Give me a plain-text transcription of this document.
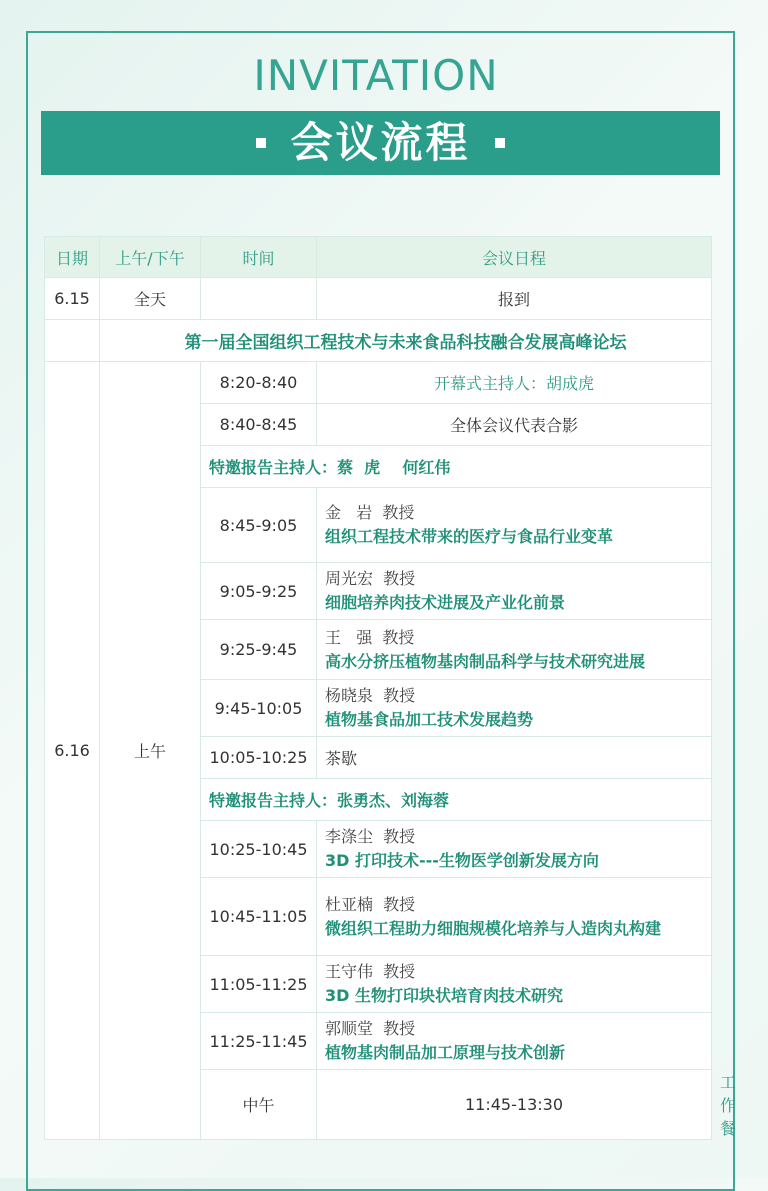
INVITATION
会议流程
日期	上午/下午	时间	会议日程	
6.15	全天		报到	
	第一届全国组织工程技术与未来食品科技融合发展高峰论坛			
6.16	上午	8:20-8:40	开幕式主持人：胡成虎	
		8:40-8:45	全体会议代表合影	
		特邀报告主持人：蔡  虎    何红伟		
		8:45-9:05	金   岩  教授
组织工程技术带来的医疗与食品行业变革	

		9:05-9:25	周光宏  教授
细胞培养肉技术进展及产业化前景	

		9:25-9:45	王   强  教授
高水分挤压植物基肉制品科学与技术研究进展	

		9:45-10:05	杨晓泉  教授
植物基食品加工技术发展趋势	

		10:05-10:25	茶歇	
		特邀报告主持人：张勇杰、刘海蓉		
		10:25-10:45	李涤尘  教授
3D 打印技术---生物医学创新发展方向	

		10:45-11:05	杜亚楠  教授
微组织工程助力细胞规模化培养与人造肉丸构建	

		11:05-11:25	王守伟  教授
3D 生物打印块状培育肉技术研究	

		11:25-11:45	郭顺堂  教授
植物基肉制品加工原理与技术创新	

		中午	11:45-13:30	工作餐
